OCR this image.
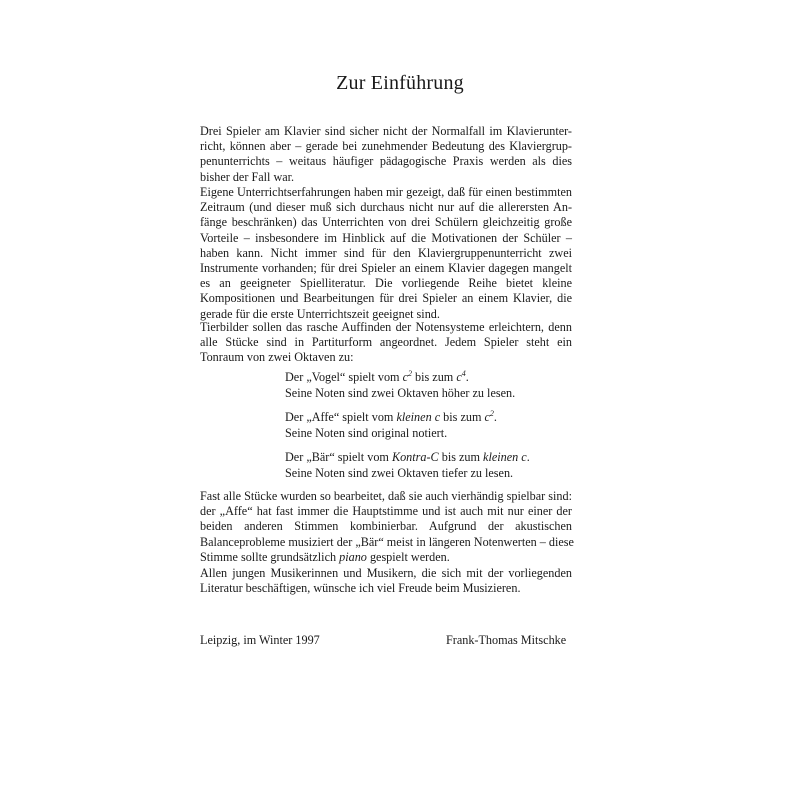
Zur Einführung

Drei Spieler am Klavier sind sicher nicht der Normalfall im Klavierunter-
richt, können aber – gerade bei zunehmender Bedeutung des Klaviergrup-
penunterrichts – weitaus häufiger pädagogische Praxis werden als dies
bisher der Fall war.

Eigene Unterrichtserfahrungen haben mir gezeigt, daß für einen bestimmten
Zeitraum (und dieser muß sich durchaus nicht nur auf die allerersten An-
fänge beschränken) das Unterrichten von drei Schülern gleichzeitig große
Vorteile – insbesondere im Hinblick auf die Motivationen der Schüler –
haben kann. Nicht immer sind für den Klaviergruppenunterricht zwei
Instrumente vorhanden; für drei Spieler an einem Klavier dagegen mangelt
es an geeigneter Spielliteratur. Die vorliegende Reihe bietet kleine
Kompositionen und Bearbeitungen für drei Spieler an einem Klavier, die
gerade für die erste Unterrichtszeit geeignet sind.

Tierbilder sollen das rasche Auffinden der Notensysteme erleichtern, denn
alle Stücke sind in Partiturform angeordnet. Jedem Spieler steht ein
Tonraum von zwei Oktaven zu:

Der „Vogel“ spielt vom $c^2$ bis zum $c^4$.
Seine Noten sind zwei Oktaven höher zu lesen.
Der „Affe“ spielt vom kleinen c bis zum $c^2$.
Seine Noten sind original notiert.
Der „Bär“ spielt vom Kontra-C bis zum kleinen c.
Seine Noten sind zwei Oktaven tiefer zu lesen.

Fast alle Stücke wurden so bearbeitet, daß sie auch vierhändig spielbar sind:
der „Affe“ hat fast immer die Hauptstimme und ist auch mit nur einer der
beiden anderen Stimmen kombinierbar. Aufgrund der akustischen
Balanceprobleme musiziert der „Bär“ meist in längeren Notenwerten – diese
Stimme sollte grundsätzlich piano gespielt werden.

Allen jungen Musikerinnen und Musikern, die sich mit der vorliegenden
Literatur beschäftigen, wünsche ich viel Freude beim Musizieren.

Leipzig, im Winter 1997	Frank-Thomas Mitschke
